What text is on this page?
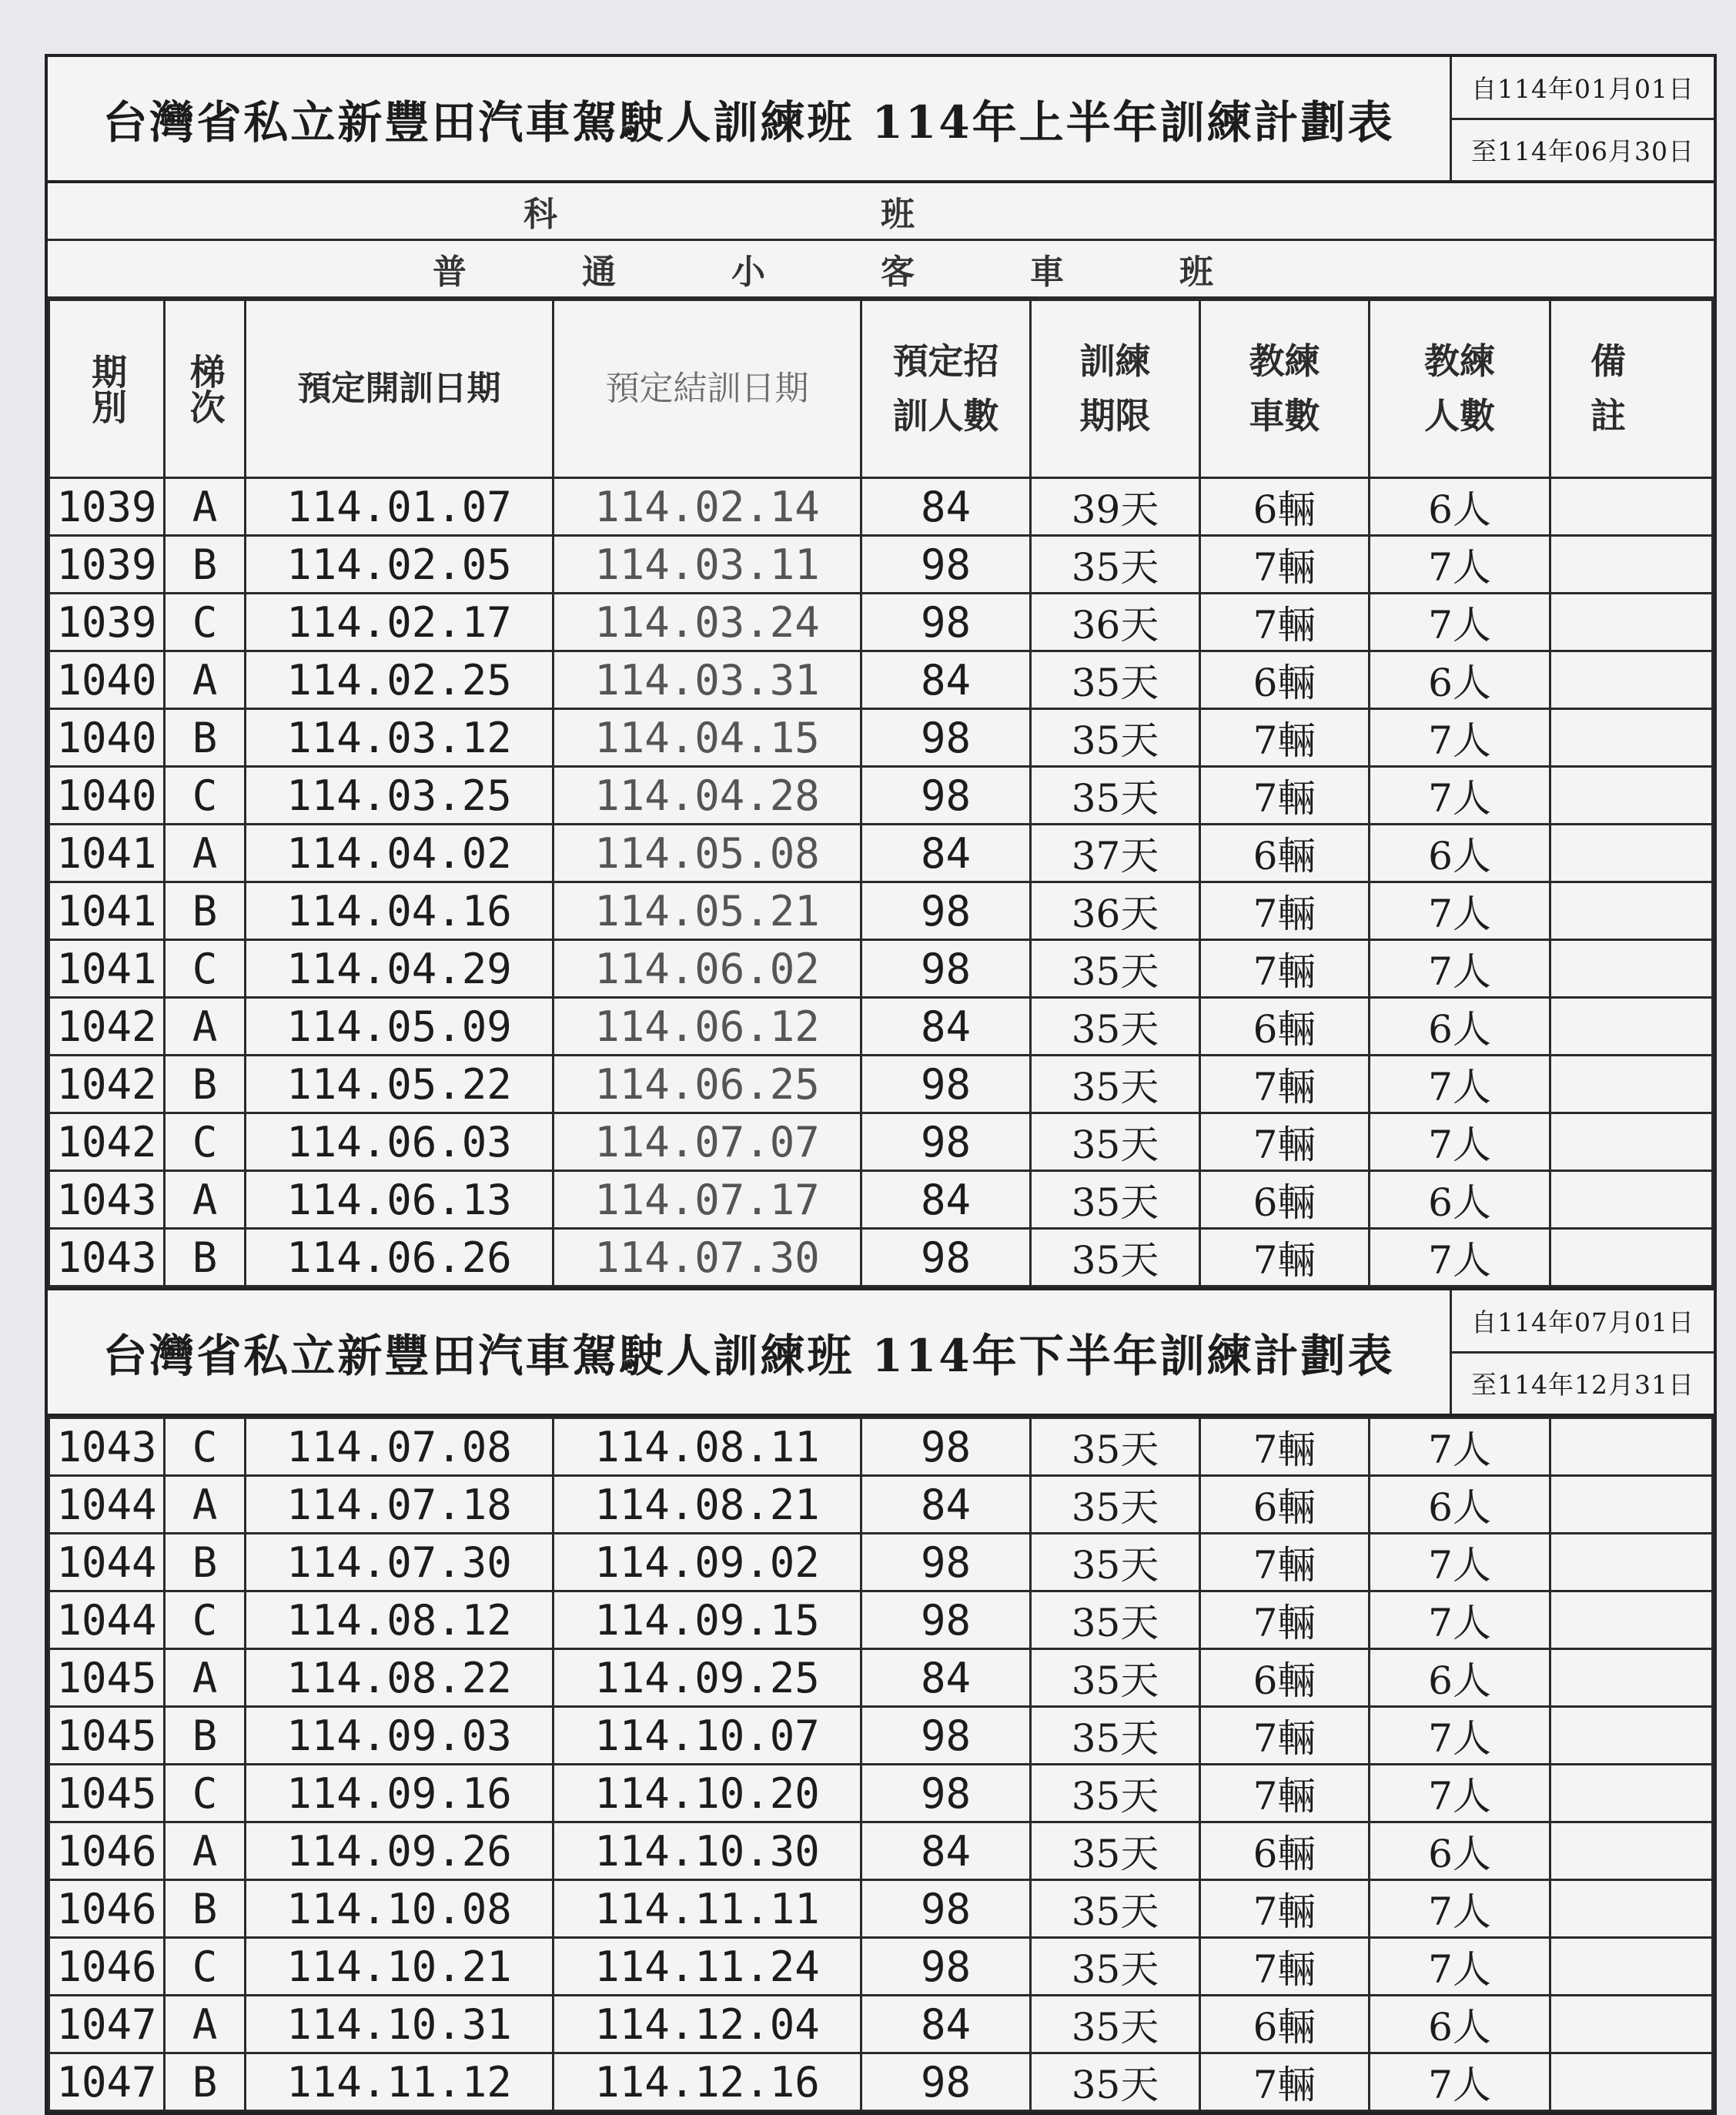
台灣省私立新豐田汽車駕駛人訓練班 114年上半年訓練計劃表
自114年01月01日
至114年06月30日
科班
普通小客車班
期別	梯次	預定開訓日期	預定結訓日期	預定招訓人數	訓練期限	教練車數	教練人數	備註
1039	A	114.01.07	114.02.14	84	39天	6輛	6人	
1039	B	114.02.05	114.03.11	98	35天	7輛	7人	
1039	C	114.02.17	114.03.24	98	36天	7輛	7人	
1040	A	114.02.25	114.03.31	84	35天	6輛	6人	
1040	B	114.03.12	114.04.15	98	35天	7輛	7人	
1040	C	114.03.25	114.04.28	98	35天	7輛	7人	
1041	A	114.04.02	114.05.08	84	37天	6輛	6人	
1041	B	114.04.16	114.05.21	98	36天	7輛	7人	
1041	C	114.04.29	114.06.02	98	35天	7輛	7人	
1042	A	114.05.09	114.06.12	84	35天	6輛	6人	
1042	B	114.05.22	114.06.25	98	35天	7輛	7人	
1042	C	114.06.03	114.07.07	98	35天	7輛	7人	
1043	A	114.06.13	114.07.17	84	35天	6輛	6人	
1043	B	114.06.26	114.07.30	98	35天	7輛	7人	
台灣省私立新豐田汽車駕駛人訓練班 114年下半年訓練計劃表
自114年07月01日
至114年12月31日
1043	C	114.07.08	114.08.11	98	35天	7輛	7人	
1044	A	114.07.18	114.08.21	84	35天	6輛	6人	
1044	B	114.07.30	114.09.02	98	35天	7輛	7人	
1044	C	114.08.12	114.09.15	98	35天	7輛	7人	
1045	A	114.08.22	114.09.25	84	35天	6輛	6人	
1045	B	114.09.03	114.10.07	98	35天	7輛	7人	
1045	C	114.09.16	114.10.20	98	35天	7輛	7人	
1046	A	114.09.26	114.10.30	84	35天	6輛	6人	
1046	B	114.10.08	114.11.11	98	35天	7輛	7人	
1046	C	114.10.21	114.11.24	98	35天	7輛	7人	
1047	A	114.10.31	114.12.04	84	35天	6輛	6人	
1047	B	114.11.12	114.12.16	98	35天	7輛	7人	
